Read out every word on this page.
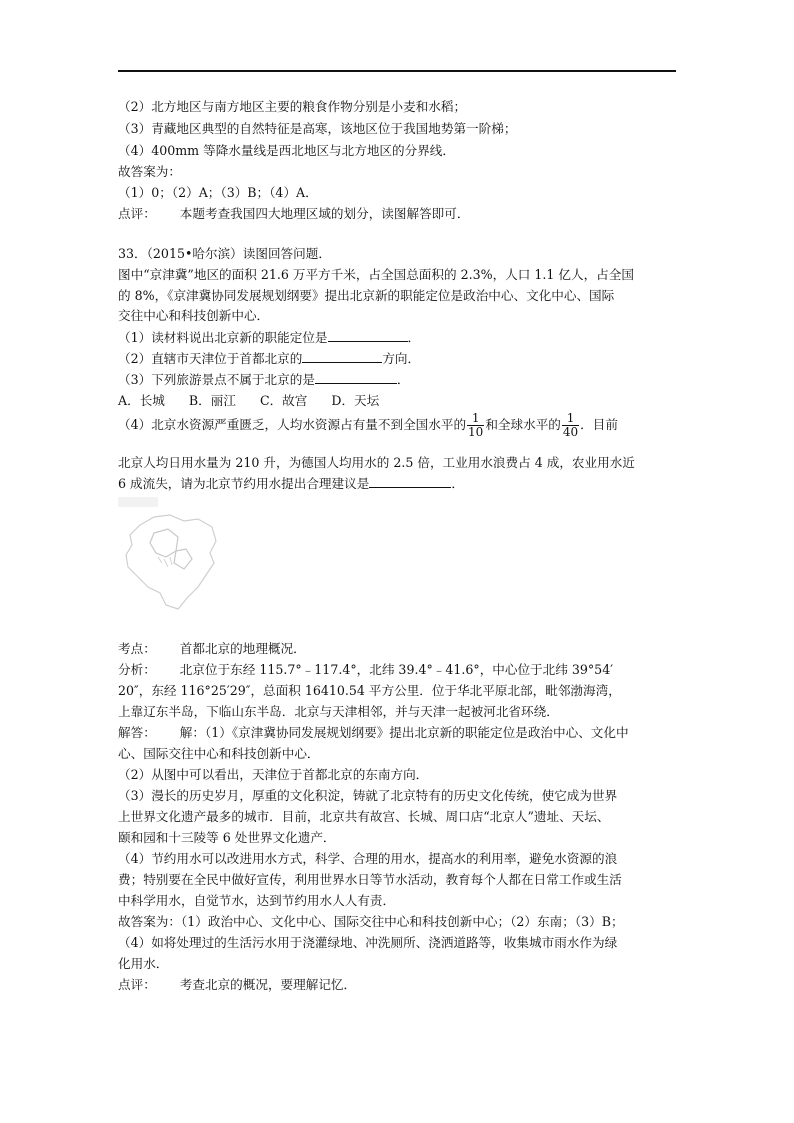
（2）北方地区与南方地区主要的粮食作物分别是小麦和水稻；
（3）青藏地区典型的自然特征是高寒，该地区位于我国地势第一阶梯；
（4）400mm 等降水量线是西北地区与北方地区的分界线．
故答案为：
（1）0；（2）A；（3）B；（4）A．
点评： 本题考查我国四大地理区域的划分，读图解答即可．
33．（2015•哈尔滨）读图回答问题．
图中“京津冀”地区的面积 21.6 万平方千米，占全国总面积的 2.3%，人口 1.1 亿人，占全国
的 8%，《京津冀协同发展规划纲要》提出北京新的职能定位是政治中心、文化中心、国际
交往中心和科技创新中心．
（1）读材料说出北京新的职能定位是	．
（2）直辖市天津位于首都北京的	方向．
（3）下列旅游景点不属于北京的是	．
A．长城 B．丽江 C．故宫 D．天坛
（4）北京水资源严重匮乏，人均水资源占有量不到全国水平的 $\frac{1}{10}$ 和全球水平的 $\frac{1}{40}$ ．目前
北京人均日用水量为 210 升，为德国人均用水的 2.5 倍，工业用水浪费占 4 成，农业用水近
6 成流失，请为北京节约用水提出合理建议是	．
考点： 首都北京的地理概况．
分析： 北京位于东经 115.7°﹣117.4°，北纬 39.4°﹣41.6°，中心位于北纬 39°54′
20″，东经 116°25′29″，总面积 16410.54 平方公里．位于华北平原北部，毗邻渤海湾，
上靠辽东半岛，下临山东半岛．北京与天津相邻，并与天津一起被河北省环绕．
解答： 解：（1）《京津冀协同发展规划纲要》提出北京新的职能定位是政治中心、文化中
心、国际交往中心和科技创新中心．
（2）从图中可以看出，天津位于首都北京的东南方向．
（3）漫长的历史岁月，厚重的文化积淀，铸就了北京特有的历史文化传统，使它成为世界
上世界文化遗产最多的城市．目前，北京共有故宫、长城、周口店“北京人”遗址、天坛、
颐和园和十三陵等 6 处世界文化遗产．
（4）节约用水可以改进用水方式，科学、合理的用水，提高水的利用率，避免水资源的浪
费；特别要在全民中做好宣传，利用世界水日等节水活动，教育每个人都在日常工作或生活
中科学用水，自觉节水，达到节约用水人人有责．
故答案为：（1）政治中心、文化中心、国际交往中心和科技创新中心；（2）东南；（3）B；
（4）如将处理过的生活污水用于浇灌绿地、冲洗厕所、浇洒道路等，收集城市雨水作为绿
化用水．
点评： 考查北京的概况，要理解记忆．
